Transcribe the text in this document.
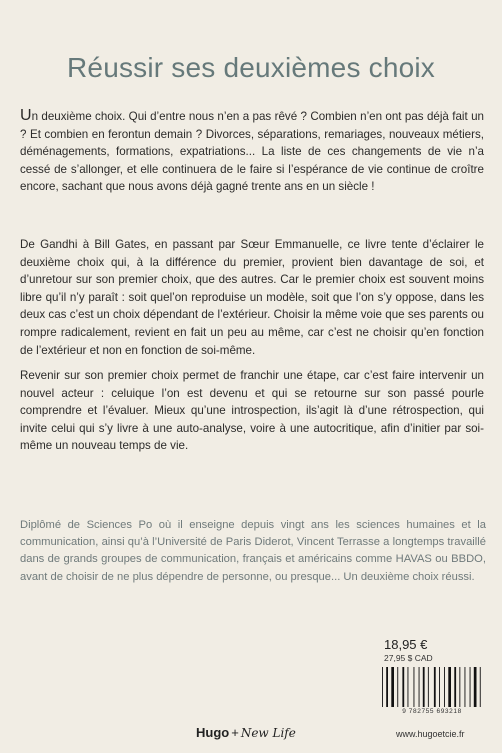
Réussir ses deuxièmes choix

Un deuxième choix. Qui d’entre nous n’en a pas rêvé ? Combien n’en ont pas déjà fait un ? Et combien en ferontun demain ? Divorces, séparations, remariages, nouveaux métiers, déménagements, formations, expatriations... La liste de ces changements de vie n’a cessé de s’allonger, et elle continuera de le faire si l’espérance de vie continue de croître encore, sachant que nous avons déjà gagné trente ans en un siècle !

De Gandhi à Bill Gates, en passant par Sœur Emmanuelle, ce livre tente d’éclairer le deuxième choix qui, à la différence du premier, provient bien davantage de soi, et d’unretour sur son premier choix, que des autres. Car le premier choix est souvent moins libre qu’il n’y paraît : soit quel’on reproduise un modèle, soit que l’on s’y oppose, dans les deux cas c’est un choix dépendant de l’extérieur. Choisir la même voie que ses parents ou rompre radicalement, revient en fait un peu au même, car c’est ne choisir qu’en fonction de l’extérieur et non en fonction de soi-même.

Revenir sur son premier choix permet de franchir une étape, car c’est faire intervenir un nouvel acteur : celuique l’on est devenu et qui se retourne sur son passé pourle comprendre et l’évaluer. Mieux qu’une introspection, ils’agit là d’une rétrospection, qui invite celui qui s’y livre à une auto-analyse, voire à une autocritique, afin d’initier par soi-même un nouveau temps de vie.

Diplômé de Sciences Po où il enseigne depuis vingt ans les sciences humaines et la communication, ainsi qu’à l’Université de Paris Diderot, Vincent Terrasse a longtemps travaillé dans de grands groupes de communication, français et américains comme HAVAS ou BBDO, avant de choisir de ne plus dépendre de personne, ou presque... Un deuxième choix réussi.

18,95 €
27,95 $ CAD
9 782755 693218
Hugo + New Life	www.hugoetcie.fr
